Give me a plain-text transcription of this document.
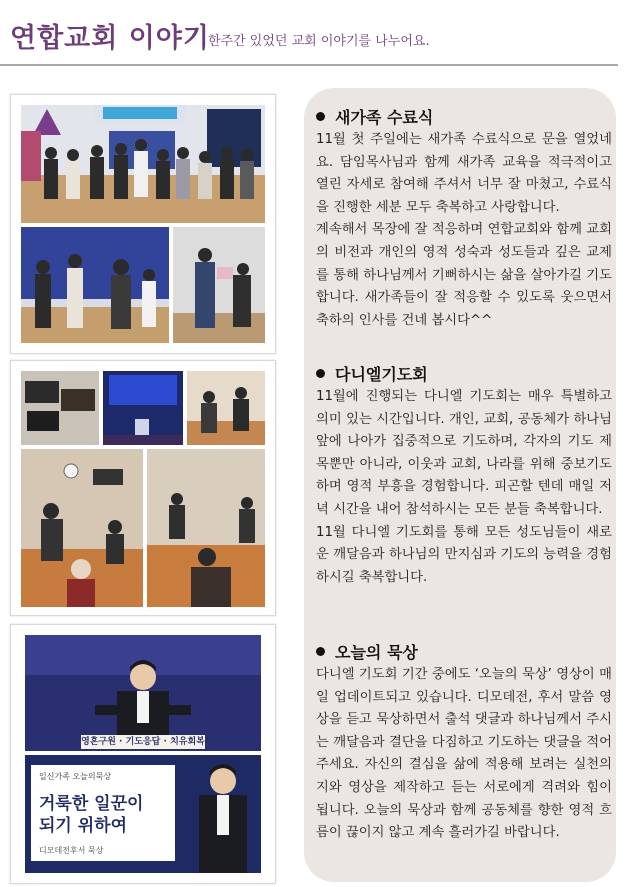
연합교회 이야기
한주간 있었던 교회 이야기를 나누어요.
영혼구원 · 기도응답 · 치유회복
일신가족 오늘의묵상
거룩한 일꾼이
되기 위하여
디모데전후서 묵상
새가족 수료식

11월 첫 주일에는 새가족 수료식으로 문을 열었네요. 담임목사님과 함께 새가족 교육을 적극적이고 열린 자세로 참여해 주셔서 너무 잘 마쳤고, 수료식을 진행한 세분 모두 축복하고 사랑합니다.

계속해서 목장에 잘 적응하며 연합교회와 함께 교회의 비전과 개인의 영적 성숙과 성도들과 깊은 교제를 통해 하나님께서 기뻐하시는 삶을 살아가길 기도합니다. 새가족들이 잘 적응할 수 있도록 웃으면서 축하의 인사를 건네 봅시다^^

다니엘기도회

11월에 진행되는 다니엘 기도회는 매우 특별하고 의미 있는 시간입니다. 개인, 교회, 공동체가 하나님 앞에 나아가 집중적으로 기도하며, 각자의 기도 제목뿐만 아니라, 이웃과 교회, 나라를 위해 중보기도하며 영적 부흥을 경험합니다. 피곤할 텐데 매일 저녁 시간을 내어 참석하시는 모든 분들 축복합니다.

11월 다니엘 기도회를 통해 모든 성도님들이 새로운 깨달음과 하나님의 만지심과 기도의 능력을 경험하시길 축복합니다.

오늘의 묵상

다니엘 기도회 기간 중에도 ‘오늘의 묵상’ 영상이 매일 업데이트되고 있습니다. 디모데전, 후서 말씀 영상을 듣고 묵상하면서 출석 댓글과 하나님께서 주시는 깨달음과 결단을 다짐하고 기도하는 댓글을 적어 주세요. 자신의 결심을 삶에 적용해 보려는 실천의지와 영상을 제작하고 듣는 서로에게 격려와 힘이 됩니다. 오늘의 묵상과 함께 공동체를 향한 영적 흐름이 끊이지 않고 계속 흘러가길 바랍니다.
